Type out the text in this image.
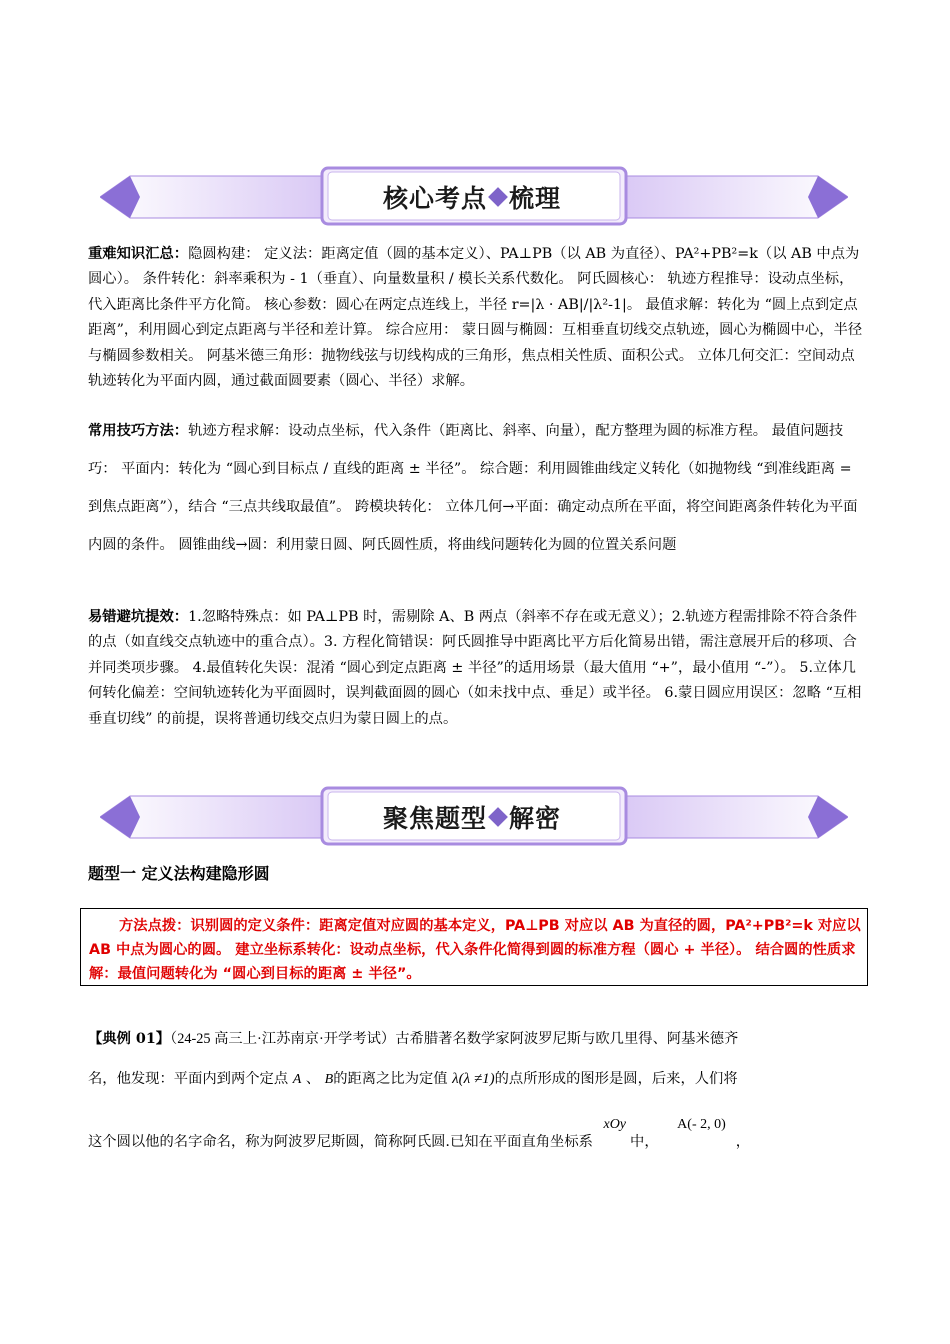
核心考点 梳理
重难知识汇总：隐圆构建： 定义法：距离定值（圆的基本定义）、PA⊥PB（以 AB 为直径）、PA²+PB²=k（以 AB 中点为圆心）。 条件转化：斜率乘积为 - 1（垂直）、向量数量积 / 模长关系代数化。 阿氏圆核心： 轨迹方程推导：设动点坐标，代入距离比条件平方化简。 核心参数：圆心在两定点连线上，半径 r=|λ · AB|/|λ²-1|。 最值求解：转化为 “圆上点到定点距离”，利用圆心到定点距离与半径和差计算。 综合应用： 蒙日圆与椭圆：互相垂直切线交点轨迹，圆心为椭圆中心，半径与椭圆参数相关。 阿基米德三角形：抛物线弦与切线构成的三角形，焦点相关性质、面积公式。 立体几何交汇：空间动点轨迹转化为平面内圆，通过截面圆要素（圆心、半径）求解。
常用技巧方法：轨迹方程求解：设动点坐标，代入条件（距离比、斜率、向量），配方整理为圆的标准方程。 最值问题技巧： 平面内：转化为 “圆心到目标点 / 直线的距离 ± 半径”。 综合题：利用圆锥曲线定义转化（如抛物线 “到准线距离 = 到焦点距离”），结合 “三点共线取最值”。 跨模块转化： 立体几何→平面：确定动点所在平面，将空间距离条件转化为平面内圆的条件。 圆锥曲线→圆：利用蒙日圆、阿氏圆性质，将曲线问题转化为圆的位置关系问题
易错避坑提效：1.忽略特殊点：如 PA⊥PB 时，需剔除 A、B 两点（斜率不存在或无意义）；2.轨迹方程需排除不符合条件的点（如直线交点轨迹中的重合点）。3. 方程化简错误：阿氏圆推导中距离比平方后化简易出错，需注意展开后的移项、合并同类项步骤。 4.最值转化失误：混淆 “圆心到定点距离 ± 半径”的适用场景（最大值用 “+”，最小值用 “-”）。 5.立体几何转化偏差：空间轨迹转化为平面圆时，误判截面圆的圆心（如未找中点、垂足）或半径。 6.蒙日圆应用误区：忽略 “互相垂直切线” 的前提，误将普通切线交点归为蒙日圆上的点。
聚焦题型 解密
题型一 定义法构建隐形圆
方法点拨：识别圆的定义条件：距离定值对应圆的基本定义，PA⊥PB 对应以 AB 为直径的圆，PA²+PB²=k 对应以 AB 中点为圆心的圆。 建立坐标系转化：设动点坐标，代入条件化简得到圆的标准方程（圆心 + 半径）。 结合圆的性质求解：最值问题转化为 “圆心到目标的距离 ± 半径”。
【典例 01】（24-25 高三上·江苏南京·开学考试）古希腊著名数学家阿波罗尼斯与欧几里得、阿基米德齐
名，他发现：平面内到两个定点 A 、 B的距离之比为定值 λ(λ ≠1)的点所形成的图形是圆，后来，人们将
这个圆以他的名字命名，称为阿波罗尼斯圆，简称阿氏圆.已知在平面直角坐标系 xOy中， A(- 2, 0)，
